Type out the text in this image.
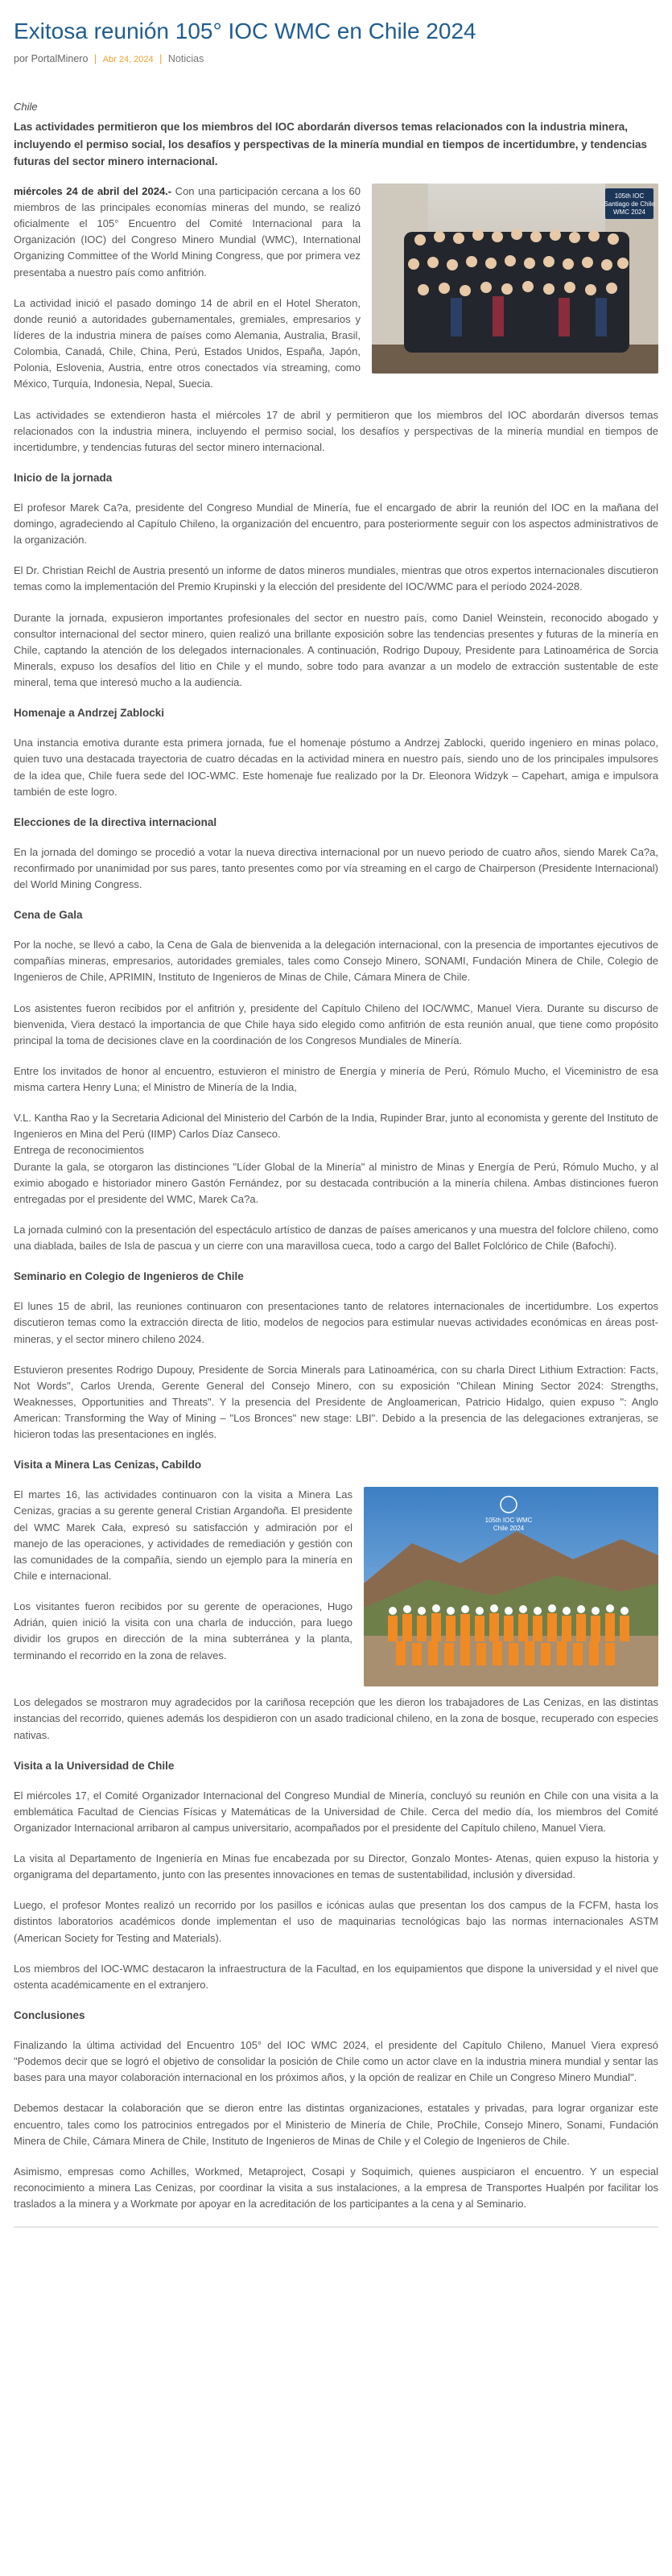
Exitosa reunión 105° IOC WMC en Chile 2024
por PortalMinero | Abr 24, 2024 | Noticias
Chile
Las actividades permitieron que los miembros del IOC abordarán diversos temas relacionados con la industria minera, incluyendo el permiso social, los desafíos y perspectivas de la minería mundial en tiempos de incertidumbre, y tendencias futuras del sector minero internacional.
105th IOC
Santiago de Chile
WMC 2024

miércoles 24 de abril del 2024.- Con una participación cercana a los 60 miembros de las principales economías mineras del mundo, se realizó oficialmente el 105° Encuentro del Comité Internacional para la Organización (IOC) del Congreso Minero Mundial (WMC), International Organizing Committee of the World Mining Congress, que por primera vez presentaba a nuestro país como anfitrión.

La actividad inició el pasado domingo 14 de abril en el Hotel Sheraton, donde reunió a autoridades gubernamentales, gremiales, empresarios y líderes de la industria minera de países como Alemania, Australia, Brasil, Colombia, Canadá, Chile, China, Perú, Estados Unidos, España, Japón, Polonia, Eslovenia, Austria, entre otros conectados vía streaming, como México, Turquía, Indonesia, Nepal, Suecia.

Las actividades se extendieron hasta el miércoles 17 de abril y permitieron que los miembros del IOC abordarán diversos temas relacionados con la industria minera, incluyendo el permiso social, los desafíos y perspectivas de la minería mundial en tiempos de incertidumbre, y tendencias futuras del sector minero internacional.

Inicio de la jornada

El profesor Marek Ca?a, presidente del Congreso Mundial de Minería, fue el encargado de abrir la reunión del IOC en la mañana del domingo, agradeciendo al Capítulo Chileno, la organización del encuentro, para posteriormente seguir con los aspectos administrativos de la organización.

El Dr. Christian Reichl de Austria presentó un informe de datos mineros mundiales, mientras que otros expertos internacionales discutieron temas como la implementación del Premio Krupinski y la elección del presidente del IOC/WMC para el período 2024-2028.

Durante la jornada, expusieron importantes profesionales del sector en nuestro país, como Daniel Weinstein, reconocido abogado y consultor internacional del sector minero, quien realizó una brillante exposición sobre las tendencias presentes y futuras de la minería en Chile, captando la atención de los delegados internacionales. A continuación, Rodrigo Dupouy, Presidente para Latinoamérica de Sorcia Minerals, expuso los desafíos del litio en Chile y el mundo, sobre todo para avanzar a un modelo de extracción sustentable de este mineral, tema que interesó mucho a la audiencia.

Homenaje a Andrzej Zablocki

Una instancia emotiva durante esta primera jornada, fue el homenaje póstumo a Andrzej Zablocki, querido ingeniero en minas polaco, quien tuvo una destacada trayectoria de cuatro décadas en la actividad minera en nuestro país, siendo uno de los principales impulsores de la idea que, Chile fuera sede del IOC-WMC. Este homenaje fue realizado por la Dr. Eleonora Widzyk – Capehart, amiga e impulsora también de este logro.

Elecciones de la directiva internacional

En la jornada del domingo se procedió a votar la nueva directiva internacional por un nuevo periodo de cuatro años, siendo Marek Ca?a, reconfirmado por unanimidad por sus pares, tanto presentes como por vía streaming en el cargo de Chairperson (Presidente Internacional) del World Mining Congress.

Cena de Gala

Por la noche, se llevó a cabo, la Cena de Gala de bienvenida a la delegación internacional, con la presencia de importantes ejecutivos de compañías mineras, empresarios, autoridades gremiales, tales como Consejo Minero, SONAMI, Fundación Minera de Chile, Colegio de Ingenieros de Chile, APRIMIN, Instituto de Ingenieros de Minas de Chile, Cámara Minera de Chile.

Los asistentes fueron recibidos por el anfitrión y, presidente del Capítulo Chileno del IOC/WMC, Manuel Viera. Durante su discurso de bienvenida, Viera destacó la importancia de que Chile haya sido elegido como anfitrión de esta reunión anual, que tiene como propósito principal la toma de decisiones clave en la coordinación de los Congresos Mundiales de Minería.

Entre los invitados de honor al encuentro, estuvieron el ministro de Energía y minería de Perú, Rómulo Mucho, el Viceministro de esa misma cartera Henry Luna; el Ministro de Minería de la India,

V.L. Kantha Rao y la Secretaria Adicional del Ministerio del Carbón de la India, Rupinder Brar, junto al economista y gerente del Instituto de Ingenieros en Mina del Perú (IIMP) Carlos Díaz Canseco.
Entrega de reconocimientos
Durante la gala, se otorgaron las distinciones "Líder Global de la Minería" al ministro de Minas y Energía de Perú, Rómulo Mucho, y al eximio abogado e historiador minero Gastón Fernández, por su destacada contribución a la minería chilena. Ambas distinciones fueron entregadas por el presidente del WMC, Marek Ca?a.

La jornada culminó con la presentación del espectáculo artístico de danzas de países americanos y una muestra del folclore chileno, como una diablada, bailes de Isla de pascua y un cierre con una maravillosa cueca, todo a cargo del Ballet Folclórico de Chile (Bafochi).

Seminario en Colegio de Ingenieros de Chile

El lunes 15 de abril, las reuniones continuaron con presentaciones tanto de relatores internacionales de incertidumbre. Los expertos discutieron temas como la extracción directa de litio, modelos de negocios para estimular nuevas actividades económicas en áreas post-mineras, y el sector minero chileno 2024.

Estuvieron presentes Rodrigo Dupouy, Presidente de Sorcia Minerals para Latinoamérica, con su charla Direct Lithium Extraction: Facts, Not Words", Carlos Urenda, Gerente General del Consejo Minero, con su exposición "Chilean Mining Sector 2024: Strengths, Weaknesses, Opportunities and Threats". Y la presencia del Presidente de Angloamerican, Patricio Hidalgo, quien expuso ": Anglo American: Transforming the Way of Mining – "Los Bronces" new stage: LBI". Debido a la presencia de las delegaciones extranjeras, se hicieron todas las presentaciones en inglés.

Visita a Minera Las Cenizas, Cabildo
105th IOC WMC
Chile 2024

El martes 16, las actividades continuaron con la visita a Minera Las Cenizas, gracias a su gerente general Cristian Argandoña. El presidente del WMC Marek Cała, expresó su satisfacción y admiración por el manejo de las operaciones, y actividades de remediación y gestión con las comunidades de la compañía, siendo un ejemplo para la minería en Chile e internacional.

Los visitantes fueron recibidos por su gerente de operaciones, Hugo Adrián, quien inició la visita con una charla de inducción, para luego dividir los grupos en dirección de la mina subterránea y la planta, terminando el recorrido en la zona de relaves.

Los delegados se mostraron muy agradecidos por la cariñosa recepción que les dieron los trabajadores de Las Cenizas, en las distintas instancias del recorrido, quienes además los despidieron con un asado tradicional chileno, en la zona de bosque, recuperado con especies nativas.

Visita a la Universidad de Chile

El miércoles 17, el Comité Organizador Internacional del Congreso Mundial de Minería, concluyó su reunión en Chile con una visita a la emblemática Facultad de Ciencias Físicas y Matemáticas de la Universidad de Chile. Cerca del medio día, los miembros del Comité Organizador Internacional arribaron al campus universitario, acompañados por el presidente del Capítulo chileno, Manuel Viera.

La visita al Departamento de Ingeniería en Minas fue encabezada por su Director, Gonzalo Montes- Atenas, quien expuso la historia y organigrama del departamento, junto con las presentes innovaciones en temas de sustentabilidad, inclusión y diversidad.

Luego, el profesor Montes realizó un recorrido por los pasillos e icónicas aulas que presentan los dos campus de la FCFM, hasta los distintos laboratorios académicos donde implementan el uso de maquinarias tecnológicas bajo las normas internacionales ASTM (American Society for Testing and Materials).

Los miembros del IOC-WMC destacaron la infraestructura de la Facultad, en los equipamientos que dispone la universidad y el nivel que ostenta académicamente en el extranjero.

Conclusiones

Finalizando la última actividad del Encuentro 105° del IOC WMC 2024, el presidente del Capítulo Chileno, Manuel Viera expresó "Podemos decir que se logró el objetivo de consolidar la posición de Chile como un actor clave en la industria minera mundial y sentar las bases para una mayor colaboración internacional en los próximos años, y la opción de realizar en Chile un Congreso Minero Mundial".

Debemos destacar la colaboración que se dieron entre las distintas organizaciones, estatales y privadas, para lograr organizar este encuentro, tales como los patrocinios entregados por el Ministerio de Minería de Chile, ProChile, Consejo Minero, Sonami, Fundación Minera de Chile, Cámara Minera de Chile, Instituto de Ingenieros de Minas de Chile y el Colegio de Ingenieros de Chile.

Asimismo, empresas como Achilles, Workmed, Metaproject, Cosapi y Soquimich, quienes auspiciaron el encuentro. Y un especial reconocimiento a minera Las Cenizas, por coordinar la visita a sus instalaciones, a la empresa de Transportes Hualpén por facilitar los traslados a la minera y a Workmate por apoyar en la acreditación de los participantes a la cena y al Seminario.
